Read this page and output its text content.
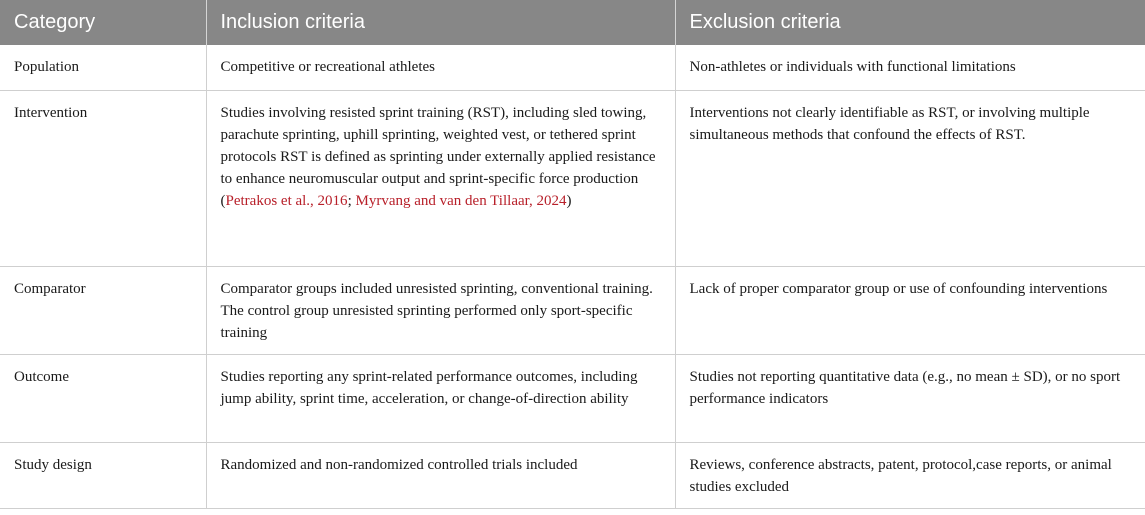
Category	Inclusion criteria	Exclusion criteria
Population	Competitive or recreational athletes	Non-athletes or individuals with functional limitations
Intervention	Studies involving resisted sprint training (RST), including sled towing, parachute sprinting, uphill sprinting, weighted vest, or tethered sprint protocols RST is defined as sprinting under externally applied resistance to enhance neuromuscular output and sprint-specific force production (Petrakos et al., 2016; Myrvang and van den Tillaar, 2024)	Interventions not clearly identifiable as RST, or involving multiple simultaneous methods that confound the effects of RST.
Comparator	Comparator groups included unresisted sprinting, conventional training. The control group unresisted sprinting performed only sport-specific training	Lack of proper comparator group or use of confounding interventions
Outcome	Studies reporting any sprint-related performance outcomes, including jump ability, sprint time, acceleration, or change-of-direction ability	Studies not reporting quantitative data (e.g., no mean ± SD), or no sport performance indicators
Study design	Randomized and non-randomized controlled trials included	Reviews, conference abstracts, patent, protocol,case reports, or animal studies excluded
